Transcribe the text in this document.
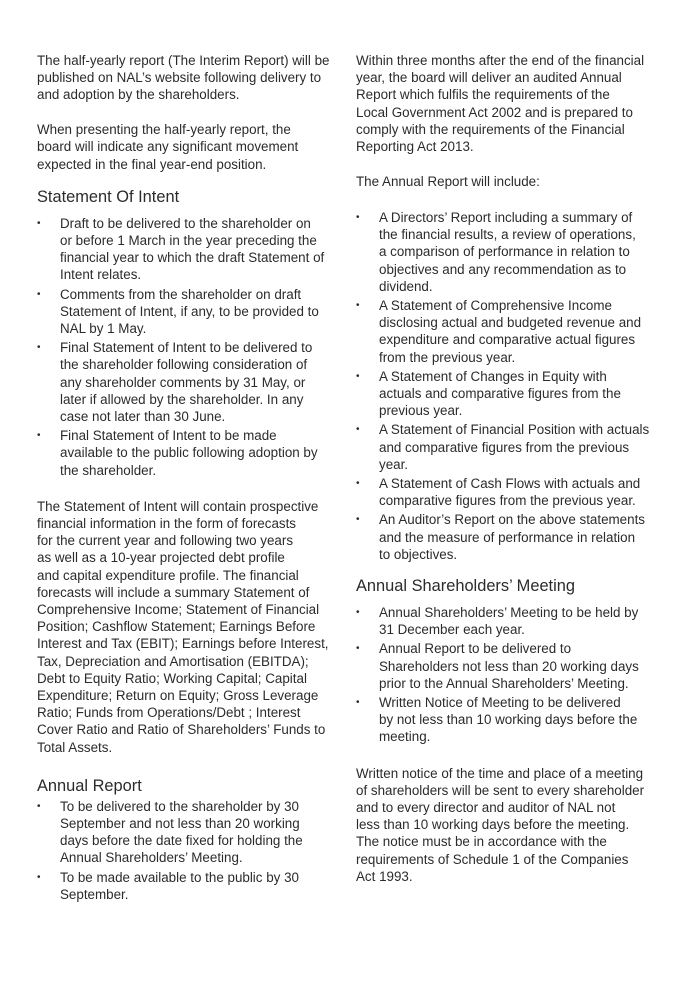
The half-yearly report (The Interim Report) will be
published on NAL’s website following delivery to
and adoption by the shareholders.

When presenting the half-yearly report, the
board will indicate any significant movement
expected in the final year-end position.

Statement Of Intent
• Draft to be delivered to the shareholder on
or before 1 March in the year preceding the
financial year to which the draft Statement of
Intent relates.
• Comments from the shareholder on draft
Statement of Intent, if any, to be provided to
NAL by 1 May.
• Final Statement of Intent to be delivered to
the shareholder following consideration of
any shareholder comments by 31 May, or
later if allowed by the shareholder. In any
case not later than 30 June.
• Final Statement of Intent to be made
available to the public following adoption by
the shareholder.

The Statement of Intent will contain prospective
financial information in the form of forecasts
for the current year and following two years
as well as a 10-year projected debt profile
and capital expenditure profile. The financial
forecasts will include a summary Statement of
Comprehensive Income; Statement of Financial
Position; Cashflow Statement; Earnings Before
Interest and Tax (EBIT); Earnings before Interest,
Tax, Depreciation and Amortisation (EBITDA);
Debt to Equity Ratio; Working Capital; Capital
Expenditure; Return on Equity; Gross Leverage
Ratio; Funds from Operations/Debt ; Interest
Cover Ratio and Ratio of Shareholders’ Funds to
Total Assets.

Annual Report
• To be delivered to the shareholder by 30
September and not less than 20 working
days before the date fixed for holding the
Annual Shareholders’ Meeting.
• To be made available to the public by 30
September.

Within three months after the end of the financial
year, the board will deliver an audited Annual
Report which fulfils the requirements of the
Local Government Act 2002 and is prepared to
comply with the requirements of the Financial
Reporting Act 2013.

The Annual Report will include:

• A Directors’ Report including a summary of
the financial results, a review of operations,
a comparison of performance in relation to
objectives and any recommendation as to
dividend.
• A Statement of Comprehensive Income
disclosing actual and budgeted revenue and
expenditure and comparative actual figures
from the previous year.
• A Statement of Changes in Equity with
actuals and comparative figures from the
previous year.
• A Statement of Financial Position with actuals
and comparative figures from the previous
year.
• A Statement of Cash Flows with actuals and
comparative figures from the previous year.
• An Auditor’s Report on the above statements
and the measure of performance in relation
to objectives.
Annual Shareholders’ Meeting
• Annual Shareholders’ Meeting to be held by
31 December each year.
• Annual Report to be delivered to
Shareholders not less than 20 working days
prior to the Annual Shareholders’ Meeting.
• Written Notice of Meeting to be delivered
by not less than 10 working days before the
meeting.

Written notice of the time and place of a meeting
of shareholders will be sent to every shareholder
and to every director and auditor of NAL not
less than 10 working days before the meeting.
The notice must be in accordance with the
requirements of Schedule 1 of the Companies
Act 1993.
